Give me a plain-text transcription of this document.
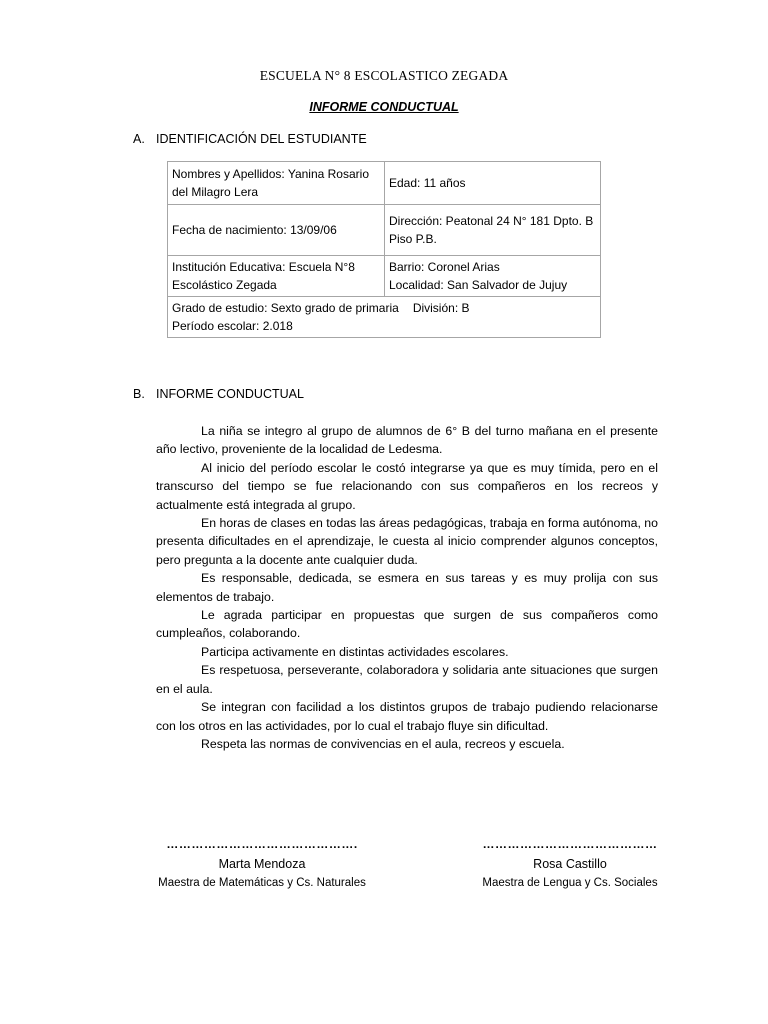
ESCUELA N° 8 ESCOLASTICO ZEGADA
INFORME CONDUCTUAL
A. IDENTIFICACIÓN DEL ESTUDIANTE
Nombres y Apellidos: Yanina Rosario del Milagro Lera	Edad: 11 años
Fecha de nacimiento: 13/09/06	Dirección: Peatonal 24 N° 181 Dpto. B Piso P.B.
Institución Educativa: Escuela N°8 Escolástico Zegada	Barrio: Coronel Arias
Localidad: San Salvador de Jujuy

Grado de estudio: Sexto grado de primaria División: B
Período escolar: 2.018	
B. INFORME CONDUCTUAL

La niña se integro al grupo de alumnos de 6° B del turno mañana en el presente año lectivo, proveniente de la localidad de Ledesma.

Al inicio del período escolar le costó integrarse ya que es muy tímida, pero en el transcurso del tiempo se fue relacionando con sus compañeros en los recreos y actualmente está integrada al grupo.

En horas de clases en todas las áreas pedagógicas, trabaja en forma autónoma, no presenta dificultades en el aprendizaje, le cuesta al inicio comprender algunos conceptos, pero pregunta a la docente ante cualquier duda.

Es responsable, dedicada, se esmera en sus tareas y es muy prolija con sus elementos de trabajo.

Le agrada participar en propuestas que surgen de sus compañeros como cumpleaños, colaborando.

Participa activamente en distintas actividades escolares.

Es respetuosa, perseverante, colaboradora y solidaria ante situaciones que surgen en el aula.

Se integran con facilidad a los distintos grupos de trabajo pudiendo relacionarse con los otros en las actividades, por lo cual el trabajo fluye sin dificultad.

Respeta las normas de convivencias en el aula, recreos y escuela.

……………………………………….
Marta Mendoza
Maestra de Matemáticas y Cs. Naturales
……………………………………
Rosa Castillo
Maestra de Lengua y Cs. Sociales
